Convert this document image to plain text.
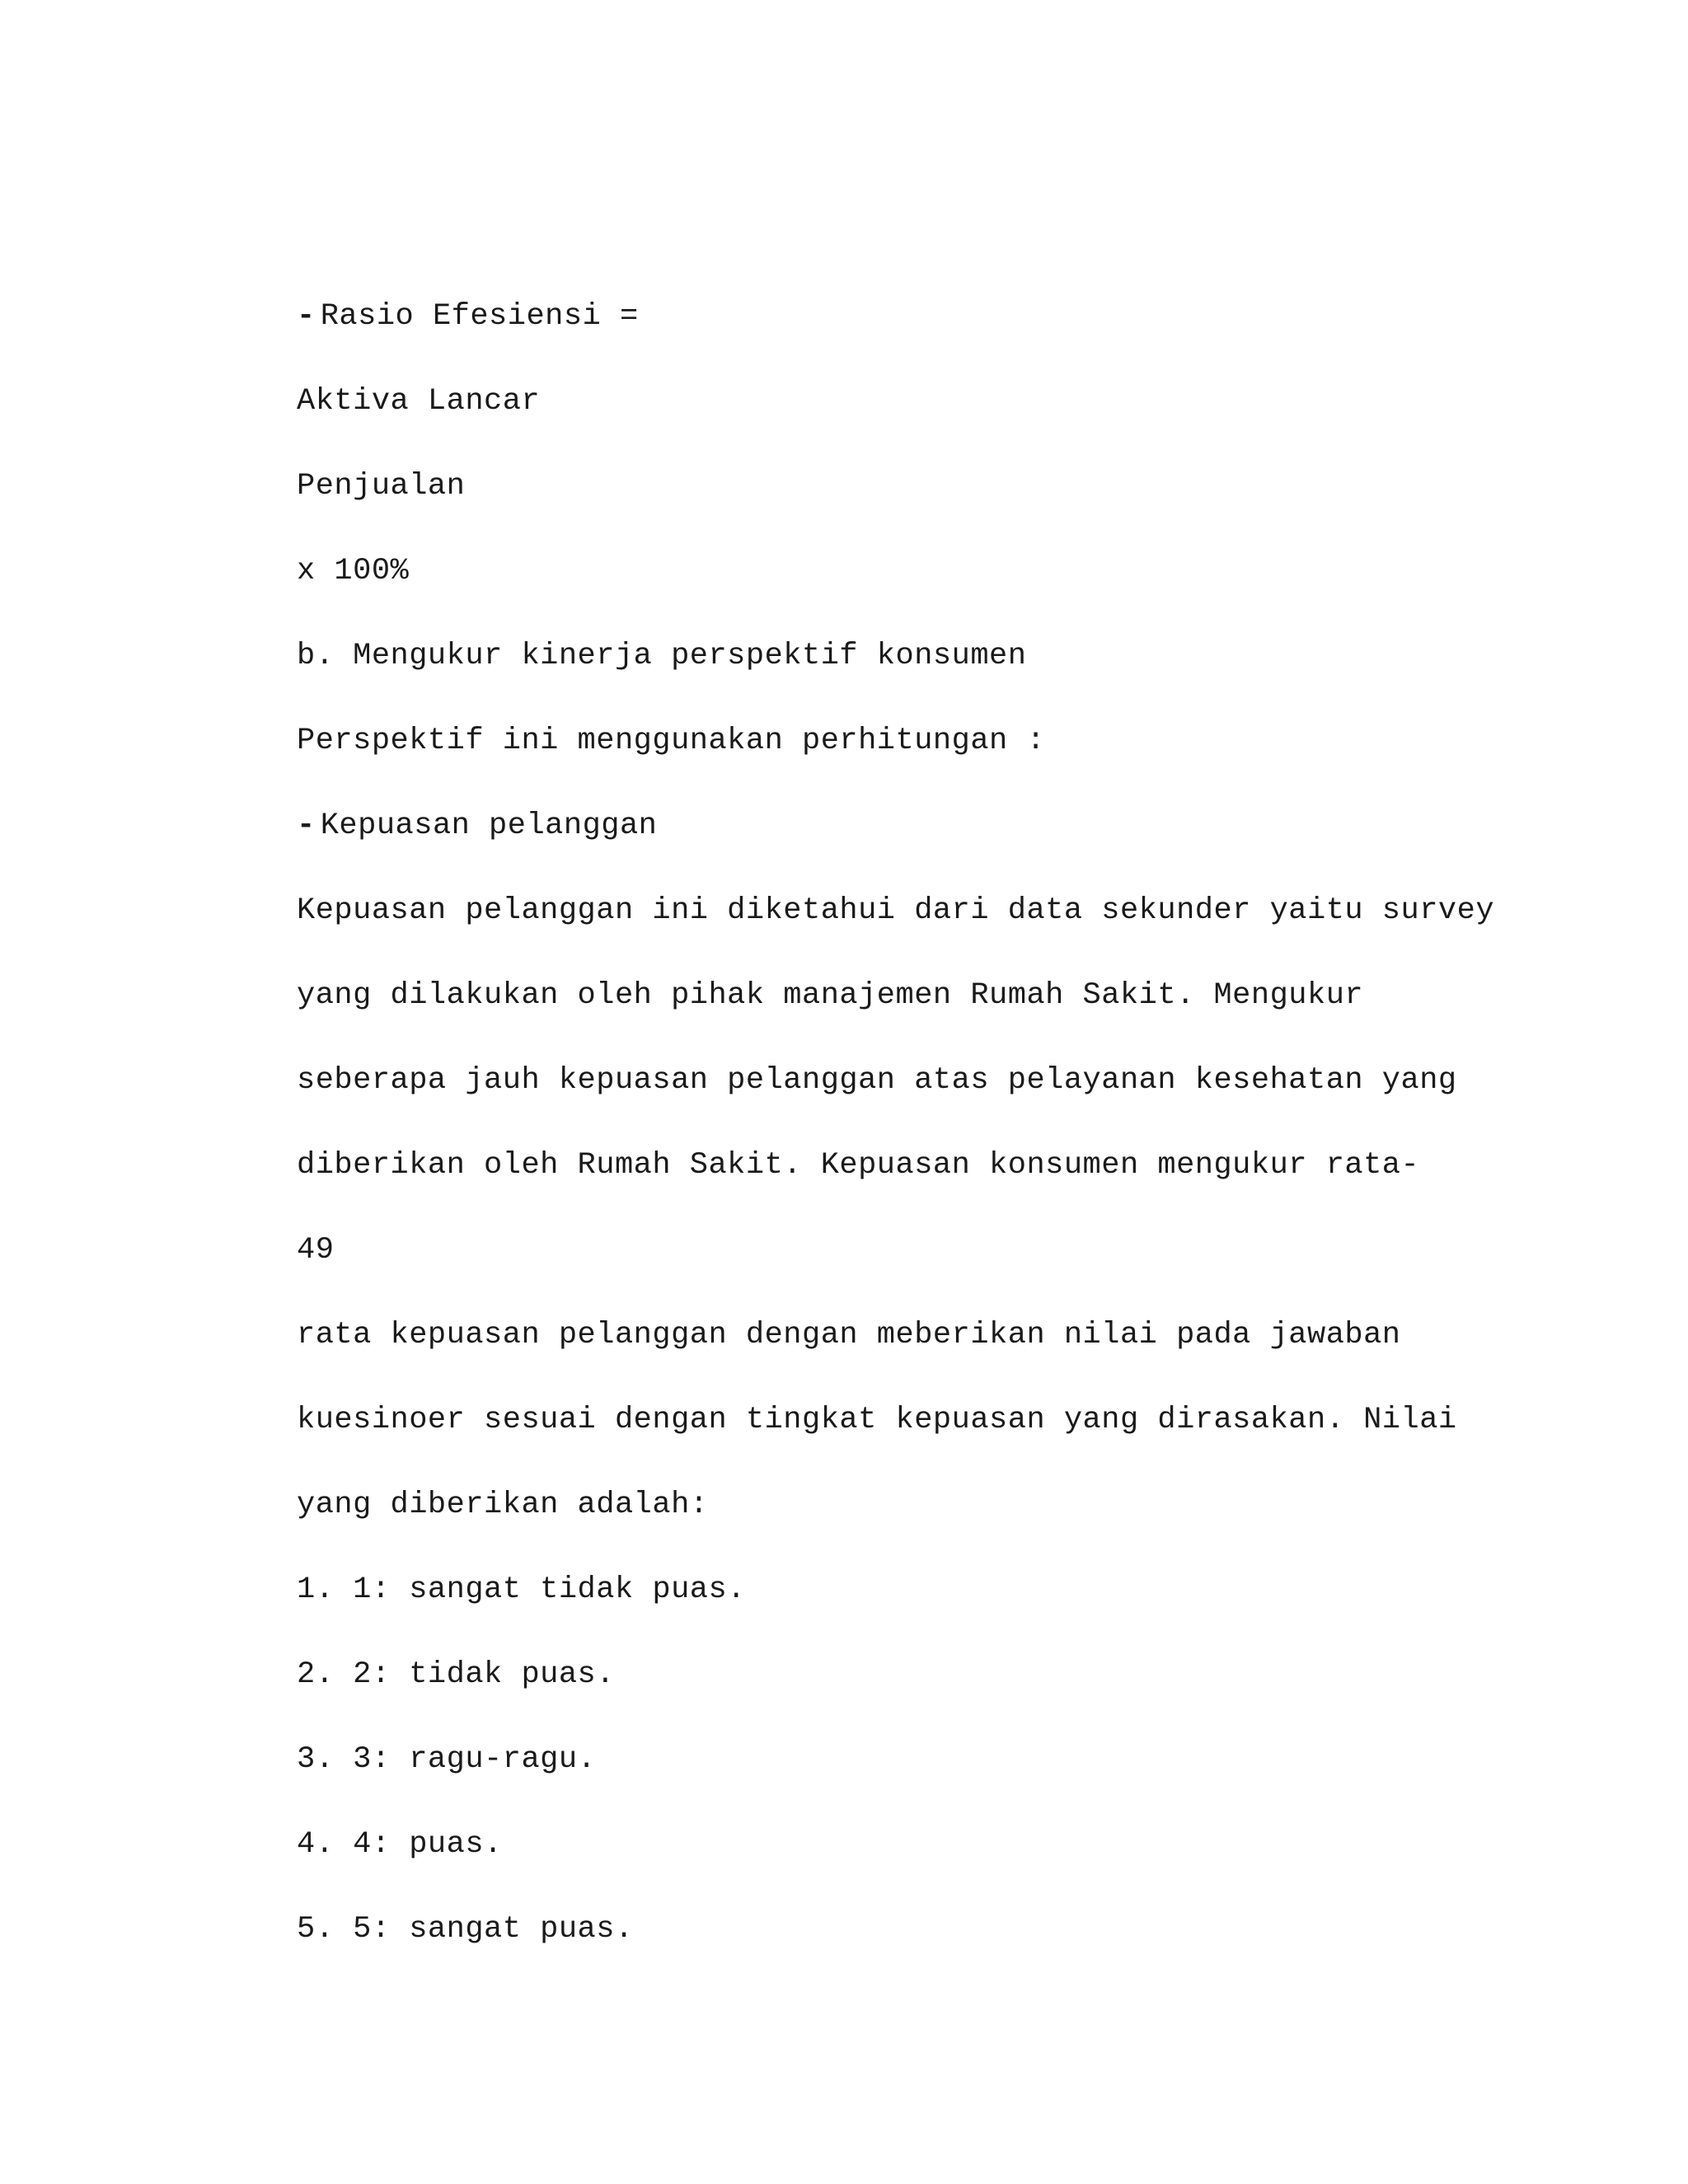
- Rasio Efesiensi =
Aktiva Lancar
Penjualan
x 100%
b. Mengukur kinerja perspektif konsumen
Perspektif ini menggunakan perhitungan :
- Kepuasan pelanggan
Kepuasan pelanggan ini diketahui dari data sekunder yaitu survey
yang dilakukan oleh pihak manajemen Rumah Sakit. Mengukur
seberapa jauh kepuasan pelanggan atas pelayanan kesehatan yang
diberikan oleh Rumah Sakit. Kepuasan konsumen mengukur rata-
49
rata kepuasan pelanggan dengan meberikan nilai pada jawaban
kuesinoer sesuai dengan tingkat kepuasan yang dirasakan. Nilai
yang diberikan adalah:
1. 1: sangat tidak puas.
2. 2: tidak puas.
3. 3: ragu-ragu.
4. 4: puas.
5. 5: sangat puas.
